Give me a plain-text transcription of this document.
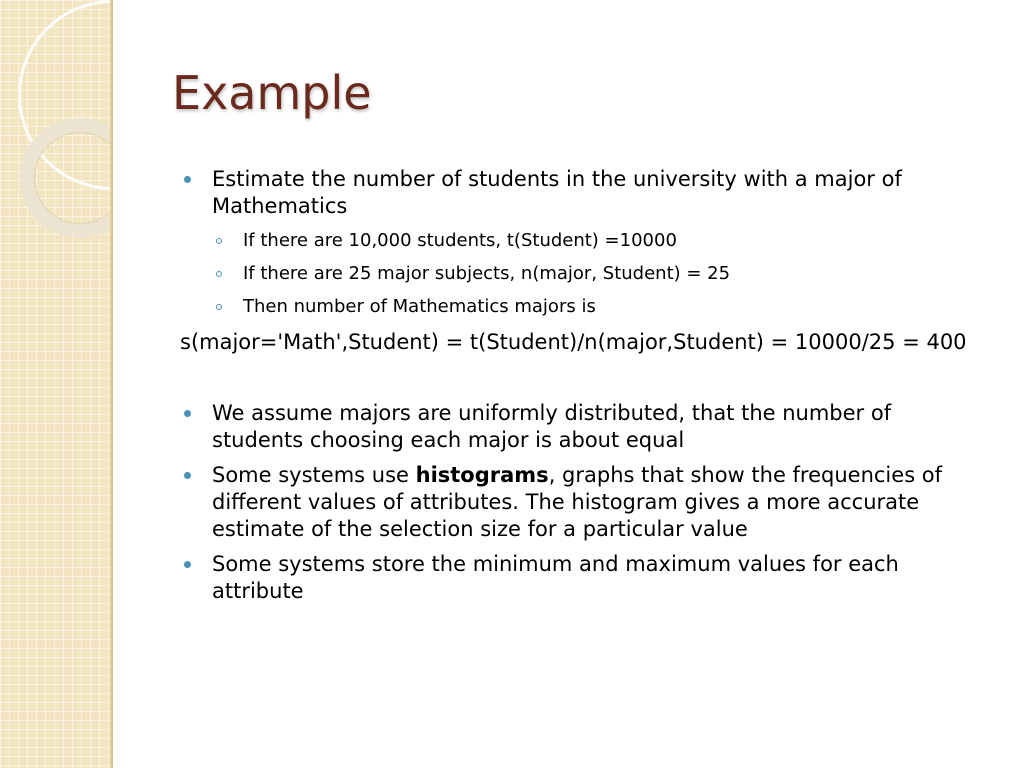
Example
Estimate the number of students in the university with a major of Mathematics
If there are 10,000 students, t(Student) =10000
If there are 25 major subjects, n(major, Student) = 25
Then number of Mathematics majors is
s(major='Math',Student) = t(Student)/n(major,Student) = 10000/25 = 400
We assume majors are uniformly distributed, that the number of students choosing each major is about equal
Some systems use histograms, graphs that show the frequencies of different values of attributes. The histogram gives a more accurate estimate of the selection size for a particular value
Some systems store the minimum and maximum values for each attribute
